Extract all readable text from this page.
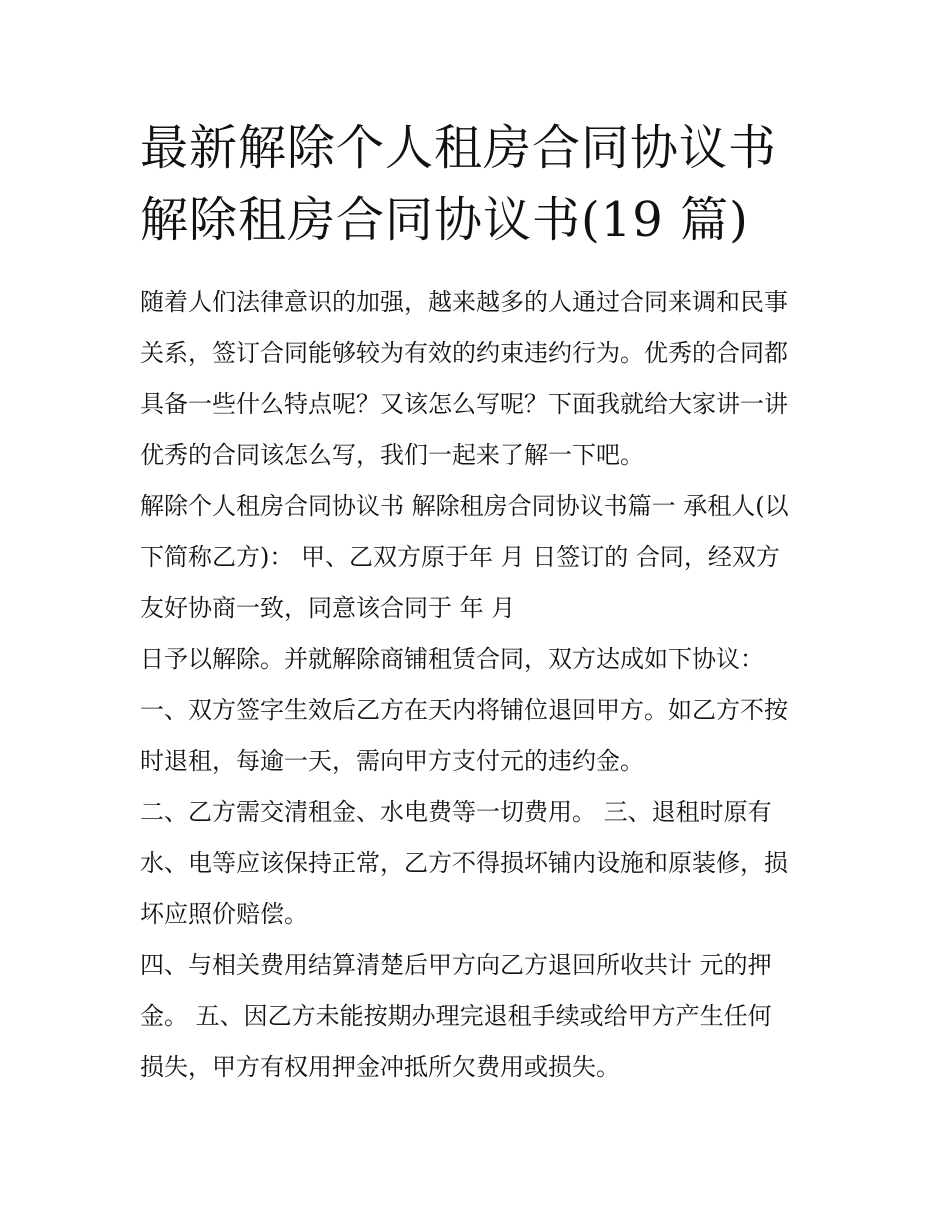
最新解除个人租房合同协议书
解除租房合同协议书(19 篇)

随着人们法律意识的加强，越来越多的人通过合同来调和民事
关系，签订合同能够较为有效的约束违约行为。优秀的合同都
具备一些什么特点呢？又该怎么写呢？下面我就给大家讲一讲
优秀的合同该怎么写，我们一起来了解一下吧。

解除个人租房合同协议书 解除租房合同协议书篇一 承租人(以
下简称乙方)： 甲、乙双方原于年 月 日签订的 合同，经双方
友好协商一致，同意该合同于 年 月

日予以解除。并就解除商铺租赁合同，双方达成如下协议：

一、双方签字生效后乙方在天内将铺位退回甲方。如乙方不按
时退租，每逾一天，需向甲方支付元的违约金。

二、乙方需交清租金、水电费等一切费用。 三、退租时原有
水、电等应该保持正常，乙方不得损坏铺内设施和原装修，损
坏应照价赔偿。

四、与相关费用结算清楚后甲方向乙方退回所收共计 元的押
金。 五、因乙方未能按期办理完退租手续或给甲方产生任何
损失，甲方有权用押金冲抵所欠费用或损失。
